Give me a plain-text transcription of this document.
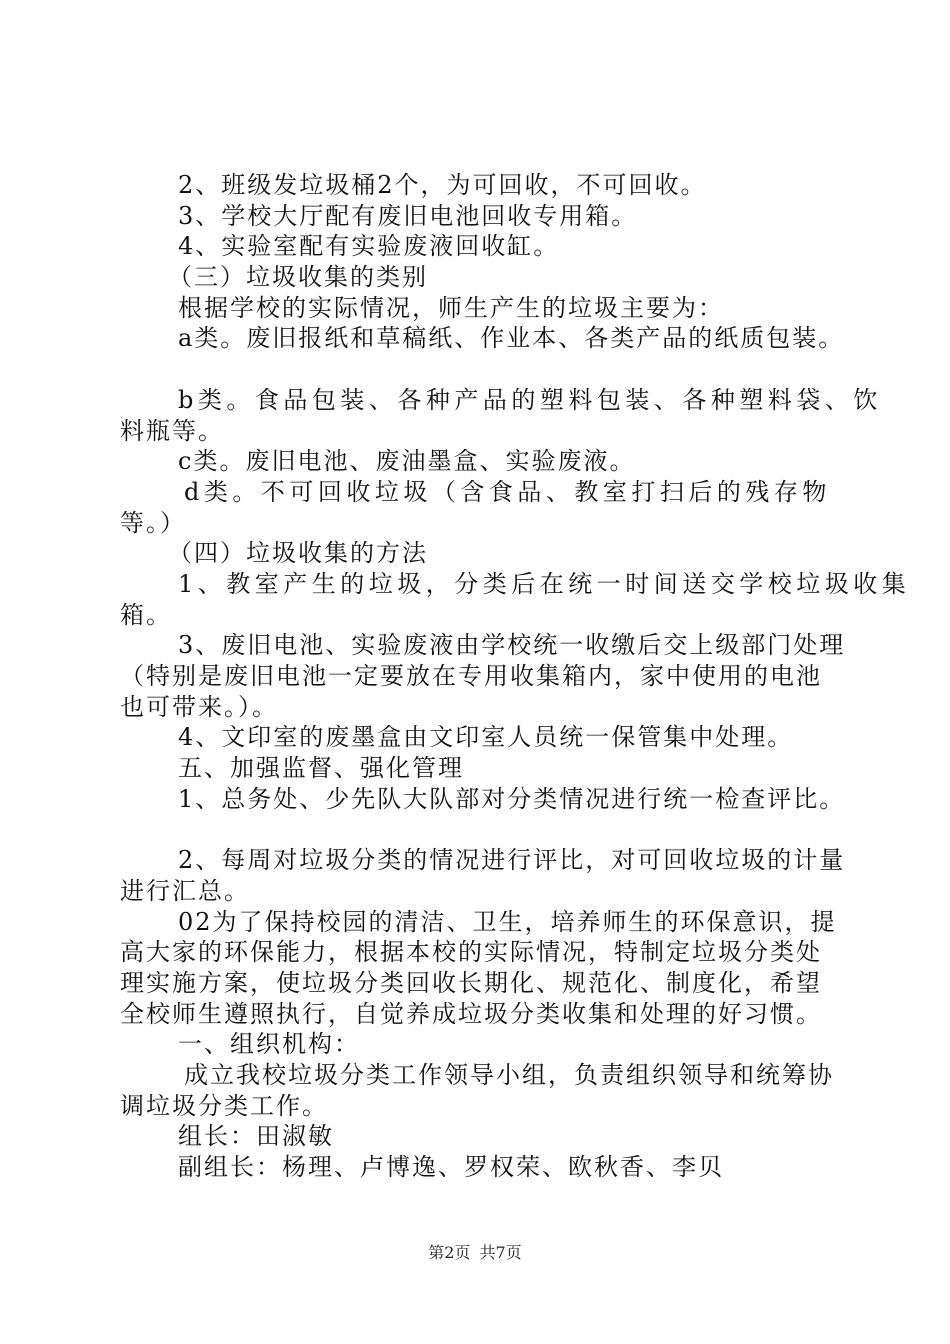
2、班级发垃圾桶2个，为可回收，不可回收。
3、学校大厅配有废旧电池回收专用箱。
4、实验室配有实验废液回收缸。
（三）垃圾收集的类别
根据学校的实际情况，师生产生的垃圾主要为：
a类。废旧报纸和草稿纸、作业本、各类产品的纸质包装。
b类。食品包装、各种产品的塑料包装、各种塑料袋、饮
料瓶等。
c类。废旧电池、废油墨盒、实验废液。
d类。不可回收垃圾（含食品、教室打扫后的残存物
等。）
（四）垃圾收集的方法
1、教室产生的垃圾，分类后在统一时间送交学校垃圾收集
箱。
3、废旧电池、实验废液由学校统一收缴后交上级部门处理
（特别是废旧电池一定要放在专用收集箱内，家中使用的电池
也可带来。）。
4、文印室的废墨盒由文印室人员统一保管集中处理。
五、加强监督、强化管理
1、总务处、少先队大队部对分类情况进行统一检查评比。
2、每周对垃圾分类的情况进行评比，对可回收垃圾的计量
进行汇总。
02为了保持校园的清洁、卫生，培养师生的环保意识，提
高大家的环保能力，根据本校的实际情况，特制定垃圾分类处
理实施方案，使垃圾分类回收长期化、规范化、制度化，希望
全校师生遵照执行，自觉养成垃圾分类收集和处理的好习惯。
一、组织机构：
成立我校垃圾分类工作领导小组，负责组织领导和统筹协
调垃圾分类工作。
组长：田淑敏
副组长：杨理、卢博逸、罗权荣、欧秋香、李贝
第2页 共7页
